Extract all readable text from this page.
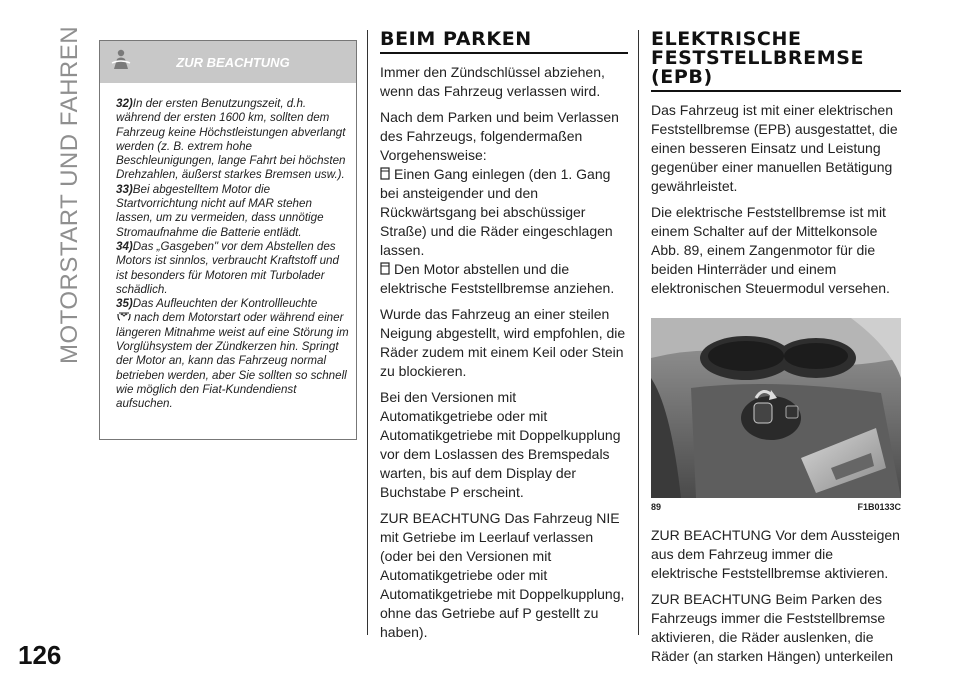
MOTORSTART UND FAHREN
126
ZUR BEACHTUNG

32)In der ersten Benutzungszeit, d.h. während der ersten 1600 km, sollten dem Fahrzeug keine Höchstleistungen abverlangt werden (z. B. extrem hohe Beschleunigungen, lange Fahrt bei höchsten Drehzahlen, äußerst starkes Bremsen usw.).

33)Bei abgestelltem Motor die Startvorrichtung nicht auf MAR stehen lassen, um zu vermeiden, dass unnötige Stromaufnahme die Batterie entlädt.

34)Das „Gasgeben" vor dem Abstellen des Motors ist sinnlos, verbraucht Kraftstoff und ist besonders für Motoren mit Turbolader schädlich.

35)Das Aufleuchten der Kontrollleuchte
nach dem Motorstart oder während einer längeren Mitnahme weist auf eine Störung im Vorglühsystem der Zündkerzen hin. Springt der Motor an, kann das Fahrzeug normal betrieben werden, aber Sie sollten so schnell wie möglich den Fiat-Kundendienst aufsuchen.

BEIM PARKEN

Immer den Zündschlüssel abziehen, wenn das Fahrzeug verlassen wird.

Nach dem Parken und beim Verlassen des Fahrzeugs, folgendermaßen Vorgehensweise:
Einen Gang einlegen (den 1. Gang bei ansteigender und den Rückwärtsgang bei abschüssiger Straße) und die Räder eingeschlagen lassen.
Den Motor abstellen und die elektrische Feststellbremse anziehen.

Wurde das Fahrzeug an einer steilen Neigung abgestellt, wird empfohlen, die Räder zudem mit einem Keil oder Stein zu blockieren.

Bei den Versionen mit Automatikgetriebe oder mit Automatikgetriebe mit Doppelkupplung vor dem Loslassen des Bremspedals warten, bis auf dem Display der Buchstabe P erscheint.

ZUR BEACHTUNG Das Fahrzeug NIE mit Getriebe im Leerlauf verlassen (oder bei den Versionen mit Automatikgetriebe oder mit Automatikgetriebe mit Doppelkupplung, ohne das Getriebe auf P gestellt zu haben).

ELEKTRISCHE FESTSTELLBREMSE (EPB)

Das Fahrzeug ist mit einer elektrischen Feststellbremse (EPB) ausgestattet, die einen besseren Einsatz und Leistung gegenüber einer manuellen Betätigung gewährleistet.

Die elektrische Feststellbremse ist mit einem Schalter auf der Mittelkonsole Abb. 89, einem Zangenmotor für die beiden Hinterräder und einem elektronischen Steuermodul versehen.

89	F1B0133C

ZUR BEACHTUNG Vor dem Aussteigen aus dem Fahrzeug immer die elektrische Feststellbremse aktivieren.

ZUR BEACHTUNG Beim Parken des Fahrzeugs immer die Feststellbremse aktivieren, die Räder auslenken, die Räder (an starken Hängen) unterkeilen
